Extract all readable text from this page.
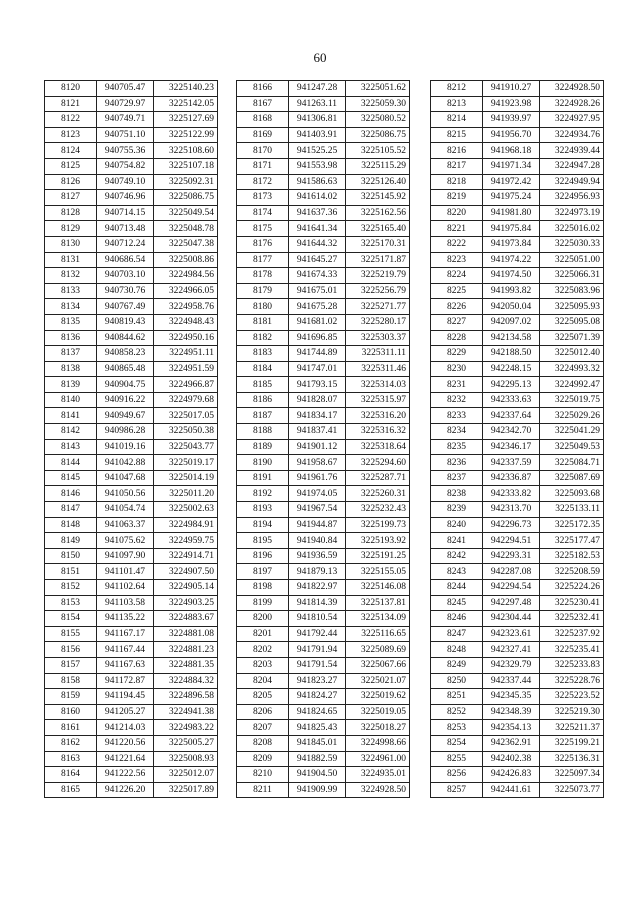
60
8120	940705.47	3225140.23
8121	940729.97	3225142.05
8122	940749.71	3225127.69
8123	940751.10	3225122.99
8124	940755.36	3225108.60
8125	940754.82	3225107.18
8126	940749.10	3225092.31
8127	940746.96	3225086.75
8128	940714.15	3225049.54
8129	940713.48	3225048.78
8130	940712.24	3225047.38
8131	940686.54	3225008.86
8132	940703.10	3224984.56
8133	940730.76	3224966.05
8134	940767.49	3224958.76
8135	940819.43	3224948.43
8136	940844.62	3224950.16
8137	940858.23	3224951.11
8138	940865.48	3224951.59
8139	940904.75	3224966.87
8140	940916.22	3224979.68
8141	940949.67	3225017.05
8142	940986.28	3225050.38
8143	941019.16	3225043.77
8144	941042.88	3225019.17
8145	941047.68	3225014.19
8146	941050.56	3225011.20
8147	941054.74	3225002.63
8148	941063.37	3224984.91
8149	941075.62	3224959.75
8150	941097.90	3224914.71
8151	941101.47	3224907.50
8152	941102.64	3224905.14
8153	941103.58	3224903.25
8154	941135.22	3224883.67
8155	941167.17	3224881.08
8156	941167.44	3224881.23
8157	941167.63	3224881.35
8158	941172.87	3224884.32
8159	941194.45	3224896.58
8160	941205.27	3224941.38
8161	941214.03	3224983.22
8162	941220.56	3225005.27
8163	941221.64	3225008.93
8164	941222.56	3225012.07
8165	941226.20	3225017.89
8166	941247.28	3225051.62
8167	941263.11	3225059.30
8168	941306.81	3225080.52
8169	941403.91	3225086.75
8170	941525.25	3225105.52
8171	941553.98	3225115.29
8172	941586.63	3225126.40
8173	941614.02	3225145.92
8174	941637.36	3225162.56
8175	941641.34	3225165.40
8176	941644.32	3225170.31
8177	941645.27	3225171.87
8178	941674.33	3225219.79
8179	941675.01	3225256.79
8180	941675.28	3225271.77
8181	941681.02	3225280.17
8182	941696.85	3225303.37
8183	941744.89	3225311.11
8184	941747.01	3225311.46
8185	941793.15	3225314.03
8186	941828.07	3225315.97
8187	941834.17	3225316.20
8188	941837.41	3225316.32
8189	941901.12	3225318.64
8190	941958.67	3225294.60
8191	941961.76	3225287.71
8192	941974.05	3225260.31
8193	941967.54	3225232.43
8194	941944.87	3225199.73
8195	941940.84	3225193.92
8196	941936.59	3225191.25
8197	941879.13	3225155.05
8198	941822.97	3225146.08
8199	941814.39	3225137.81
8200	941810.54	3225134.09
8201	941792.44	3225116.65
8202	941791.94	3225089.69
8203	941791.54	3225067.66
8204	941823.27	3225021.07
8205	941824.27	3225019.62
8206	941824.65	3225019.05
8207	941825.43	3225018.27
8208	941845.01	3224998.66
8209	941882.59	3224961.00
8210	941904.50	3224935.01
8211	941909.99	3224928.50
8212	941910.27	3224928.50
8213	941923.98	3224928.26
8214	941939.97	3224927.95
8215	941956.70	3224934.76
8216	941968.18	3224939.44
8217	941971.34	3224947.28
8218	941972.42	3224949.94
8219	941975.24	3224956.93
8220	941981.80	3224973.19
8221	941975.84	3225016.02
8222	941973.84	3225030.33
8223	941974.22	3225051.00
8224	941974.50	3225066.31
8225	941993.82	3225083.96
8226	942050.04	3225095.93
8227	942097.02	3225095.08
8228	942134.58	3225071.39
8229	942188.50	3225012.40
8230	942248.15	3224993.32
8231	942295.13	3224992.47
8232	942333.63	3225019.75
8233	942337.64	3225029.26
8234	942342.70	3225041.29
8235	942346.17	3225049.53
8236	942337.59	3225084.71
8237	942336.87	3225087.69
8238	942333.82	3225093.68
8239	942313.70	3225133.11
8240	942296.73	3225172.35
8241	942294.51	3225177.47
8242	942293.31	3225182.53
8243	942287.08	3225208.59
8244	942294.54	3225224.26
8245	942297.48	3225230.41
8246	942304.44	3225232.41
8247	942323.61	3225237.92
8248	942327.41	3225235.41
8249	942329.79	3225233.83
8250	942337.44	3225228.76
8251	942345.35	3225223.52
8252	942348.39	3225219.30
8253	942354.13	3225211.37
8254	942362.91	3225199.21
8255	942402.38	3225136.31
8256	942426.83	3225097.34
8257	942441.61	3225073.77
